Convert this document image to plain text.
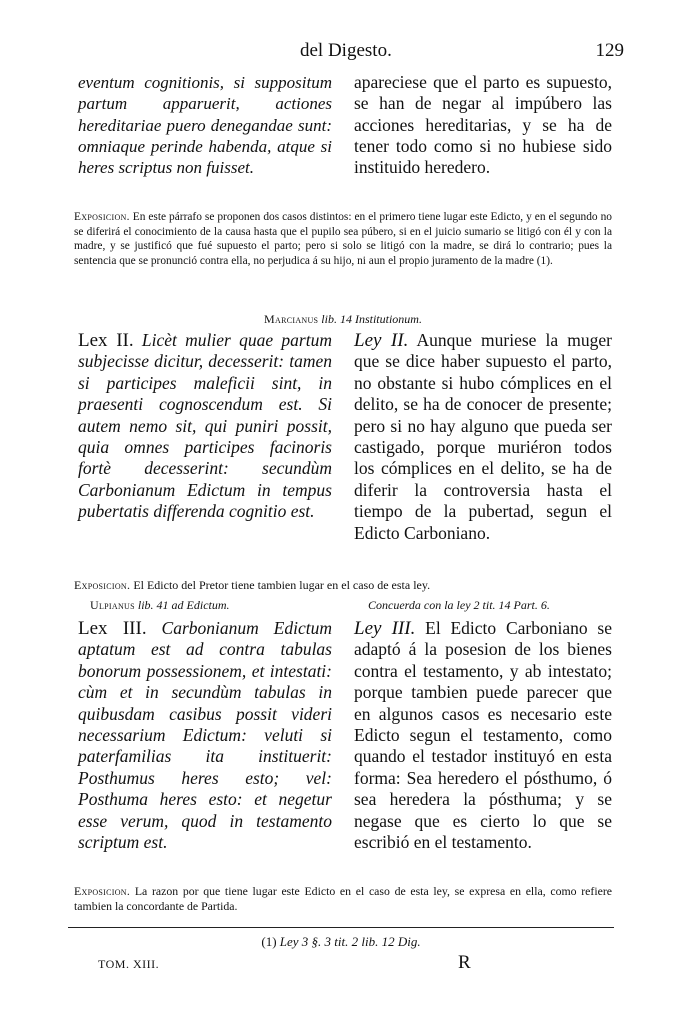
del Digesto.	129

eventum cognitionis, si suppositum partum apparuerit, actiones hereditariae puero denegandae sunt: omniaque perinde habenda, atque si heres scriptus non fuisset.

apareciese que el parto es supuesto, se han de negar al impúbero las acciones hereditarias, y se ha de tener todo como si no hubiese sido instituido heredero.

Exposicion. En este párrafo se proponen dos casos distintos: en el primero tiene lugar este Edicto, y en el segundo no se diferirá el conocimiento de la causa hasta que el pupilo sea púbero, si en el juicio sumario se litigó con él y con la madre, y se justificó que fué supuesto el parto; pero si solo se litigó con la madre, se dirá lo contrario; pues la sentencia que se pronunció contra ella, no perjudica á su hijo, ni aun el propio juramento de la madre (1).

Marcianus lib. 14 Institutionum.

Lex II. Licèt mulier quae partum subjecisse dicitur, decesserit: tamen si participes maleficii sint, in praesenti cognoscendum est. Si autem nemo sit, qui puniri possit, quia omnes participes facinoris fortè decesserint: secundùm Carbonianum Edictum in tempus pubertatis differenda cognitio est.

Ley II. Aunque muriese la muger que se dice haber supuesto el parto, no obstante si hubo cómplices en el delito, se ha de conocer de presente; pero si no hay alguno que pueda ser castigado, porque muriéron todos los cómplices en el delito, se ha de diferir la controversia hasta el tiempo de la pubertad, segun el Edicto Carboniano.

Exposicion. El Edicto del Pretor tiene tambien lugar en el caso de esta ley.

Ulpianus lib. 41 ad Edictum.	Concuerda con la ley 2 tit. 14 Part. 6.

Lex III. Carbonianum Edictum aptatum est ad contra tabulas bonorum possessionem, et intestati: cùm et in secundùm tabulas in quibusdam casibus possit videri necessarium Edictum: veluti si paterfamilias ita instituerit: Posthumus heres esto; vel: Posthuma heres esto: et negetur esse verum, quod in testamento scriptum est.

Ley III. El Edicto Carboniano se adaptó á la posesion de los bienes contra el testamento, y ab intestato; porque tambien puede parecer que en algunos casos es necesario este Edicto segun el testamento, como quando el testador instituyó en esta forma: Sea heredero el pósthumo, ó sea heredera la pósthuma; y se negase que es cierto lo que se escribió en el testamento.

Exposicion. La razon por que tiene lugar este Edicto en el caso de esta ley, se expresa en ella, como refiere tambien la concordante de Partida.

(1) Ley 3 §. 3 tit. 2 lib. 12 Dig.
TOM. XIII.	R
